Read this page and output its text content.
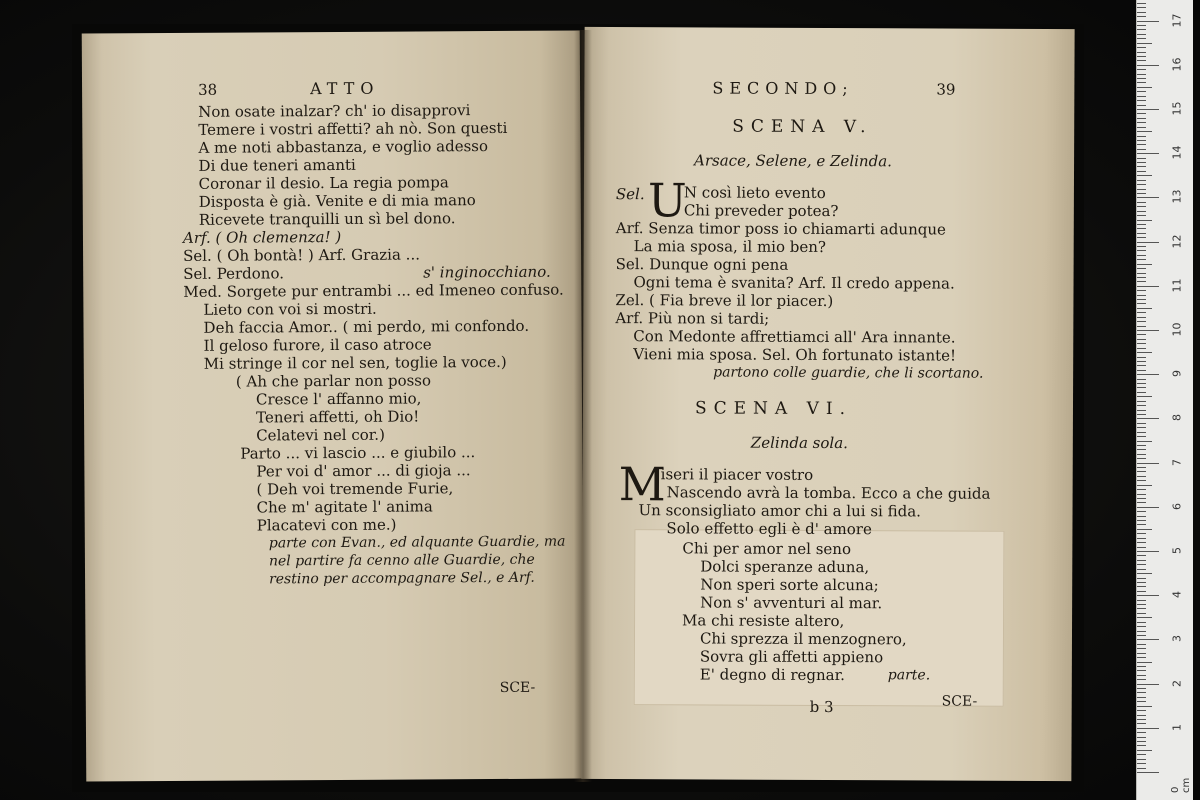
38	ATTO
Non osate inalzar? ch' io disapprovi
Temere i vostri affetti? ah nò. Son questi
A me noti abbastanza, e voglio adesso
Di due teneri amanti
Coronar il desio. La regia pompa
Disposta è già. Venite e di mia mano
Ricevete tranquilli un sì bel dono.
Arf. ( Oh clemenza! )
Sel. ( Oh bontà! ) Arf. Grazia ...
Sel. Perdono.	s' inginocchiano.
Med. Sorgete pur entrambi ... ed Imeneo confuso.
Lieto con voi si mostri.
Deh faccia Amor.. ( mi perdo, mi confondo.
Il geloso furore, il caso atroce
Mi stringe il cor nel sen, toglie la voce.)
( Ah che parlar non posso
Cresce l' affanno mio,
Teneri affetti, oh Dio!
Celatevi nel cor.)
Parto ... vi lascio ... e giubilo ...
Per voi d' amor ... di gioja ...
( Deh voi tremende Furie,
Che m' agitate l' anima
Placatevi con me.)
parte con Evan., ed alquante Guardie, ma
nel partire fa cenno alle Guardie, che
restino per accompagnare Sel., e Arf.
SCE-
SECONDO;	39
SCENA V.
Arsace, Selene, e Zelinda.
Sel. U
N così lieto evento
Chi preveder potea?
Arf. Senza timor poss io chiamarti adunque
La mia sposa, il mio ben?
Sel. Dunque ogni pena
Ogni tema è svanita? Arf. Il credo appena.
Zel. ( Fia breve il lor piacer.)
Arf. Più non si tardi;
Con Medonte affrettiamci all' Ara innante.
Vieni mia sposa. Sel. Oh fortunato istante!
partono colle guardie, che li scortano.
SCENA VI.
Zelinda sola.
M
iseri il piacer vostro
Nascendo avrà la tomba. Ecco a che guida
Un sconsigliato amor chi a lui si fida.
Solo effetto egli è d' amore
Chi per amor nel seno
Dolci speranze aduna,
Non speri sorte alcuna;
Non s' avventuri al mar.
Ma chi resiste altero,
Chi sprezza il menzognero,
Sovra gli affetti appieno
E' degno di regnar.	parte.
b 3	SCE-
0 cm
1
2
3
4
5
6
7
8
9
10
11
12
13
14
15
16
17
